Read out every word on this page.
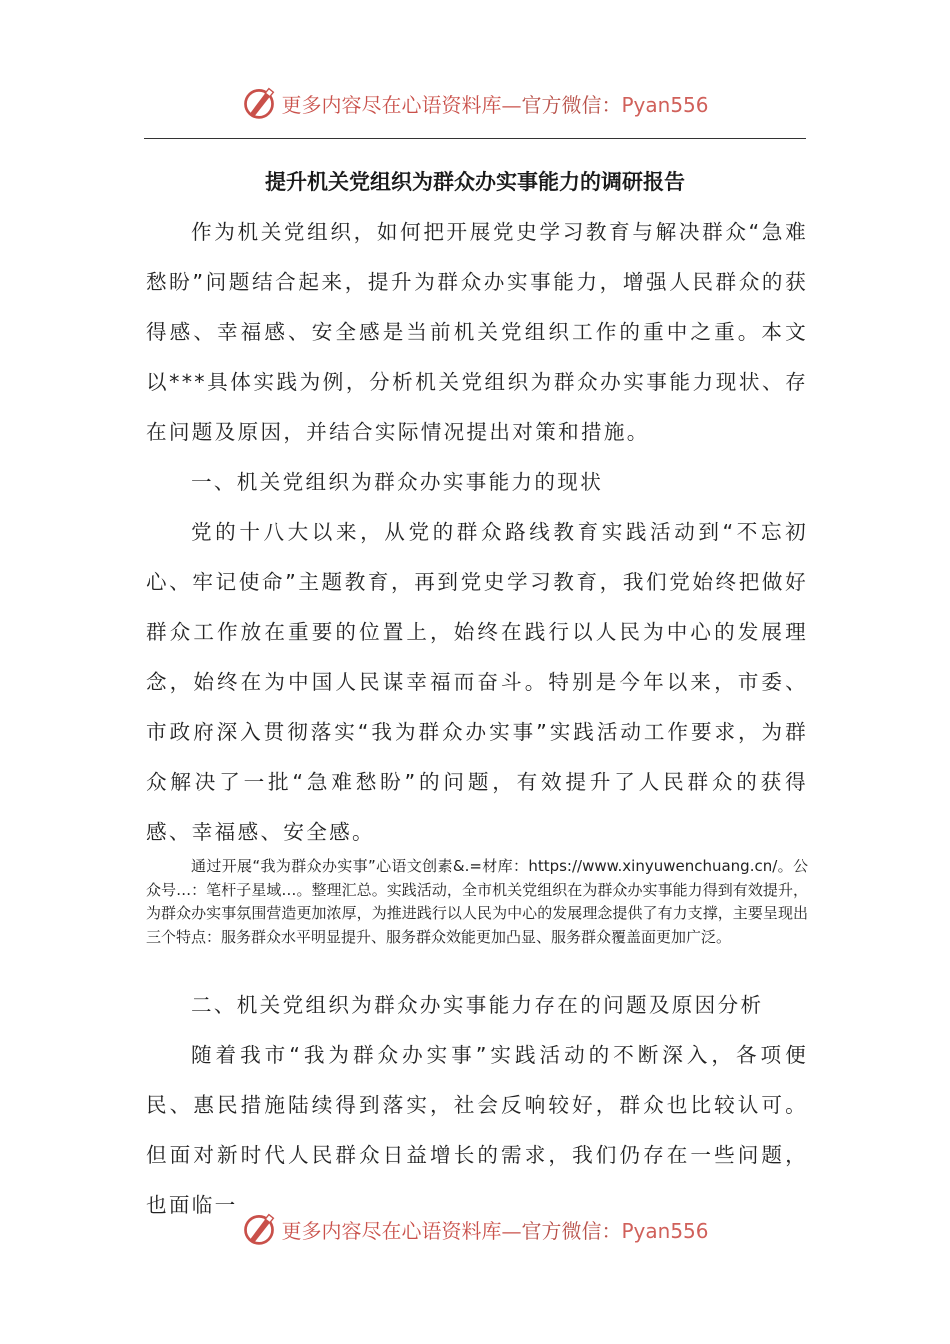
更多内容尽在心语资料库—官方微信：Pyan556
提升机关党组织为群众办实事能力的调研报告

作为机关党组织，如何把开展党史学习教育与解决群众“急难愁盼”问题结合起来，提升为群众办实事能力，增强人民群众的获得感、幸福感、安全感是当前机关党组织工作的重中之重。本文以***具体实践为例，分析机关党组织为群众办实事能力现状、存在问题及原因，并结合实际情况提出对策和措施。

一、机关党组织为群众办实事能力的现状

党的十八大以来，从党的群众路线教育实践活动到“不忘初心、牢记使命”主题教育，再到党史学习教育，我们党始终把做好群众工作放在重要的位置上，始终在践行以人民为中心的发展理念，始终在为中国人民谋幸福而奋斗。特别是今年以来，市委、市政府深入贯彻落实“我为群众办实事”实践活动工作要求，为群众解决了一批“急难愁盼”的问题，有效提升了人民群众的获得感、幸福感、安全感。

通过开展“我为群众办实事”心语文创素&.=材库：https://www.xinyuwenchuang.cn/。公众号…：笔杆子星域…。整理汇总。实践活动，全市机关党组织在为群众办实事能力得到有效提升，为群众办实事氛围营造更加浓厚，为推进践行以人民为中心的发展理念提供了有力支撑，主要呈现出三个特点：服务群众水平明显提升、服务群众效能更加凸显、服务群众覆盖面更加广泛。

二、机关党组织为群众办实事能力存在的问题及原因分析

随着我市“我为群众办实事”实践活动的不断深入，各项便民、惠民措施陆续得到落实，社会反响较好，群众也比较认可。但面对新时代人民群众日益增长的需求，我们仍存在一些问题，也面临一

更多内容尽在心语资料库—官方微信：Pyan556
